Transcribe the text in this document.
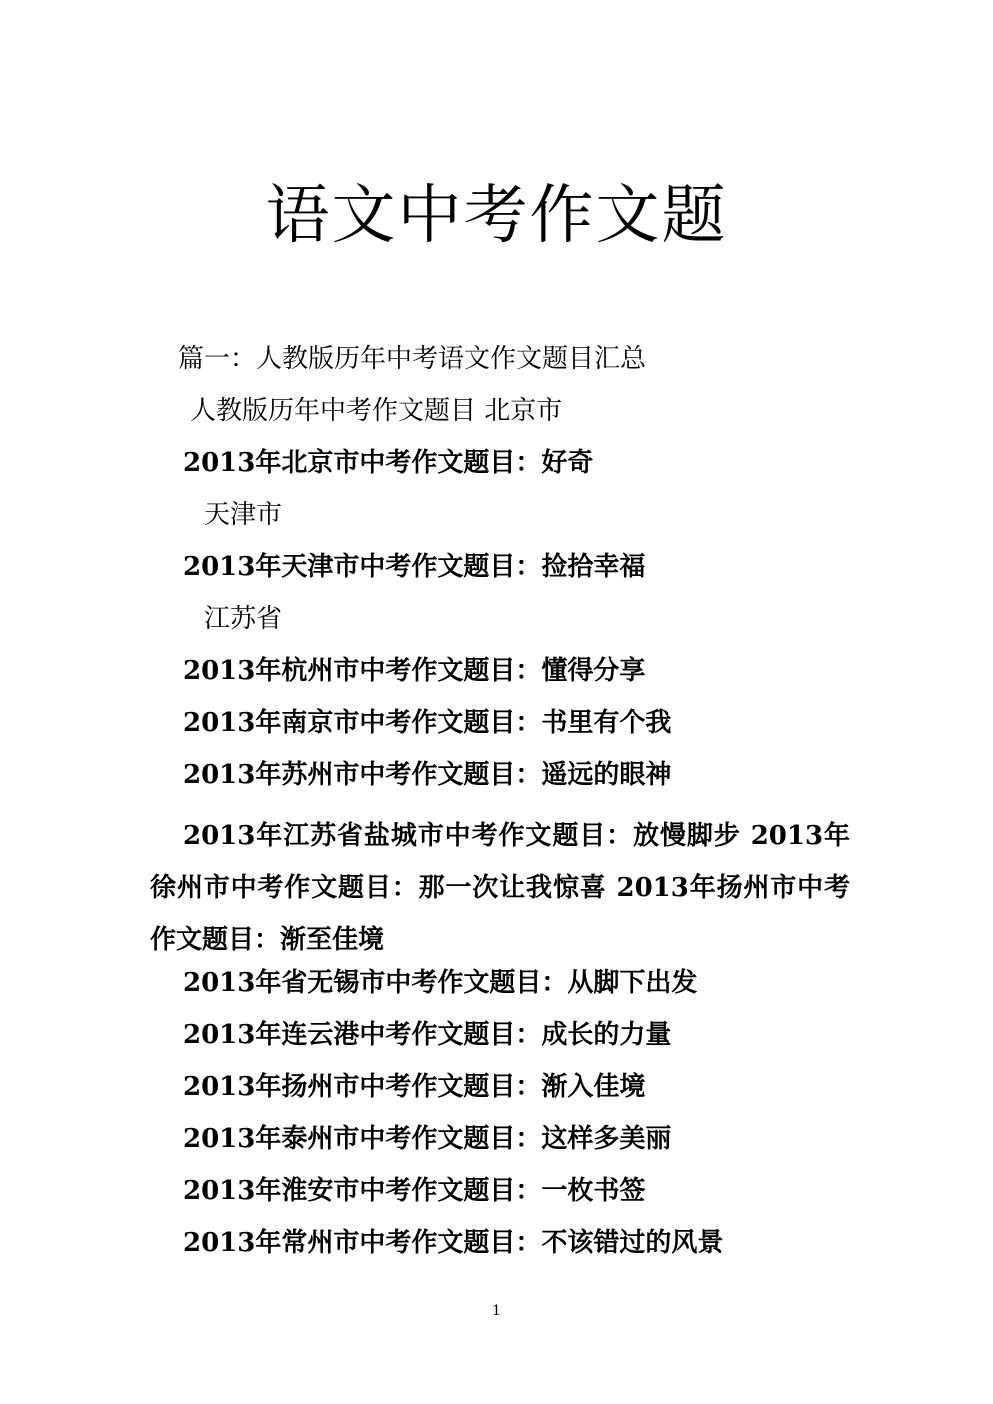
语文中考作文题
篇一：人教版历年中考语文作文题目汇总
人教版历年中考作文题目 北京市
2013年北京市中考作文题目：好奇
天津市
2013年天津市中考作文题目：捡拾幸福
江苏省
2013年杭州市中考作文题目：懂得分享
2013年南京市中考作文题目：书里有个我
2013年苏州市中考作文题目：遥远的眼神

2013年江苏省盐城市中考作文题目：放慢脚步 2013年徐州市中考作文题目：那一次让我惊喜 2013年扬州市中考作文题目：渐至佳境

2013年省无锡市中考作文题目：从脚下出发
2013年连云港中考作文题目：成长的力量
2013年扬州市中考作文题目：渐入佳境
2013年泰州市中考作文题目：这样多美丽
2013年淮安市中考作文题目：一枚书签
2013年常州市中考作文题目：不该错过的风景
1
